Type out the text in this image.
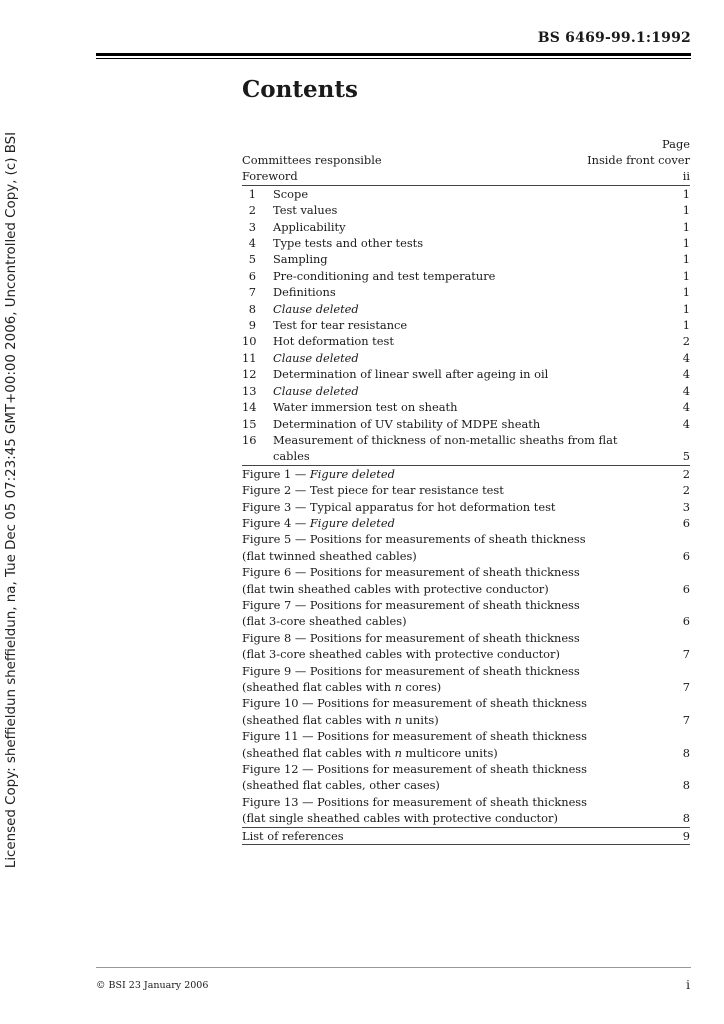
BS 6469-99.1:1992
Contents
Licensed Copy: sheffieldun sheffieldun, na, Tue Dec 05 07:23:45 GMT+00:00 2006, Uncontrolled Copy, (c) BSI	Page
Committees responsible	Inside front cover
Foreword	ii
1	Scope	1
2	Test values	1
3	Applicability	1
4	Type tests and other tests	1
5	Sampling	1
6	Pre-conditioning and test temperature	1
7	Definitions	1
8	Clause deleted	1
9	Test for tear resistance	1
10	Hot deformation test	2
11	Clause deleted	4
12	Determination of linear swell after ageing in oil	4
13	Clause deleted	4
14	Water immersion test on sheath	4
15	Determination of UV stability of MDPE sheath	4
16	Measurement of thickness of non-metallic sheaths from flat
cables	5
Figure 1 — Figure deleted	2
Figure 2 — Test piece for tear resistance test	2
Figure 3 — Typical apparatus for hot deformation test	3
Figure 4 — Figure deleted	6
Figure 5 — Positions for measurements of sheath thickness
(flat twinned sheathed cables)	6
Figure 6 — Positions for measurement of sheath thickness
(flat twin sheathed cables with protective conductor)	6
Figure 7 — Positions for measurement of sheath thickness
(flat 3-core sheathed cables)	6
Figure 8 — Positions for measurement of sheath thickness
(flat 3-core sheathed cables with protective conductor)	7
Figure 9 — Positions for measurement of sheath thickness
(sheathed flat cables with n cores)	7
Figure 10 — Positions for measurement of sheath thickness
(sheathed flat cables with n units)	7
Figure 11 — Positions for measurement of sheath thickness
(sheathed flat cables with n multicore units)	8
Figure 12 — Positions for measurement of sheath thickness
(sheathed flat cables, other cases)	8
Figure 13 — Positions for measurement of sheath thickness
(flat single sheathed cables with protective conductor)	8
List of references	9
© BSI 23 January 2006	i
